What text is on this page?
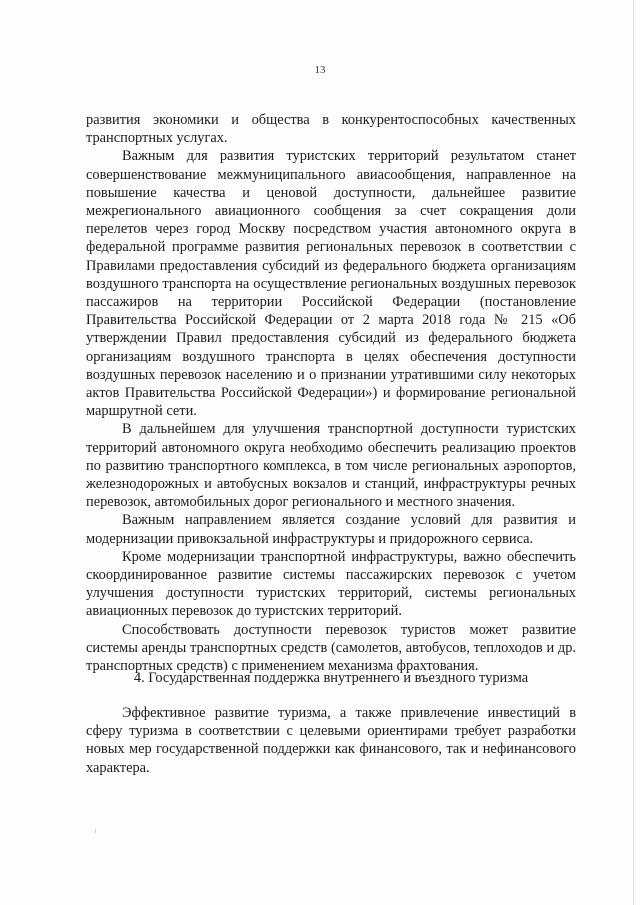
13

развития экономики и общества в конкурентоспособных качественных транспортных услугах.

Важным для развития туристских территорий результатом станет совершенствование межмуниципального авиасообщения, направленное на повышение качества и ценовой доступности, дальнейшее развитие межрегионального авиационного сообщения за счет сокращения доли перелетов через город Москву посредством участия автономного округа в федеральной программе развития региональных перевозок в соответствии с Правилами предоставления субсидий из федерального бюджета организациям воздушного транспорта на осуществление региональных воздушных перевозок пассажиров на территории Российской Федерации (постановление Правительства Российской Федерации от 2 марта 2018 года № 215 «Об утверждении Правил предоставления субсидий из федерального бюджета организациям воздушного транспорта в целях обеспечения доступности воздушных перевозок населению и о признании утратившими силу некоторых актов Правительства Российской Федерации») и формирование региональной маршрутной сети.

В дальнейшем для улучшения транспортной доступности туристских территорий автономного округа необходимо обеспечить реализацию проектов по развитию транспортного комплекса, в том числе региональных аэропортов, железнодорожных и автобусных вокзалов и станций, инфраструктуры речных перевозок, автомобильных дорог регионального и местного значения.

Важным направлением является создание условий для развития и модернизации привокзальной инфраструктуры и придорожного сервиса.

Кроме модернизации транспортной инфраструктуры, важно обеспечить скоординированное развитие системы пассажирских перевозок с учетом улучшения доступности туристских территорий, системы региональных авиационных перевозок до туристских территорий.

Способствовать доступности перевозок туристов может развитие системы аренды транспортных средств (самолетов, автобусов, теплоходов и др. транспортных средств) с применением механизма фрахтования.

4. Государственная поддержка внутреннего и въездного туризма

Эффективное развитие туризма, а также привлечение инвестиций в сферу туризма в соответствии с целевыми ориентирами требует разработки новых мер государственной поддержки как финансового, так и нефинансового характера.
